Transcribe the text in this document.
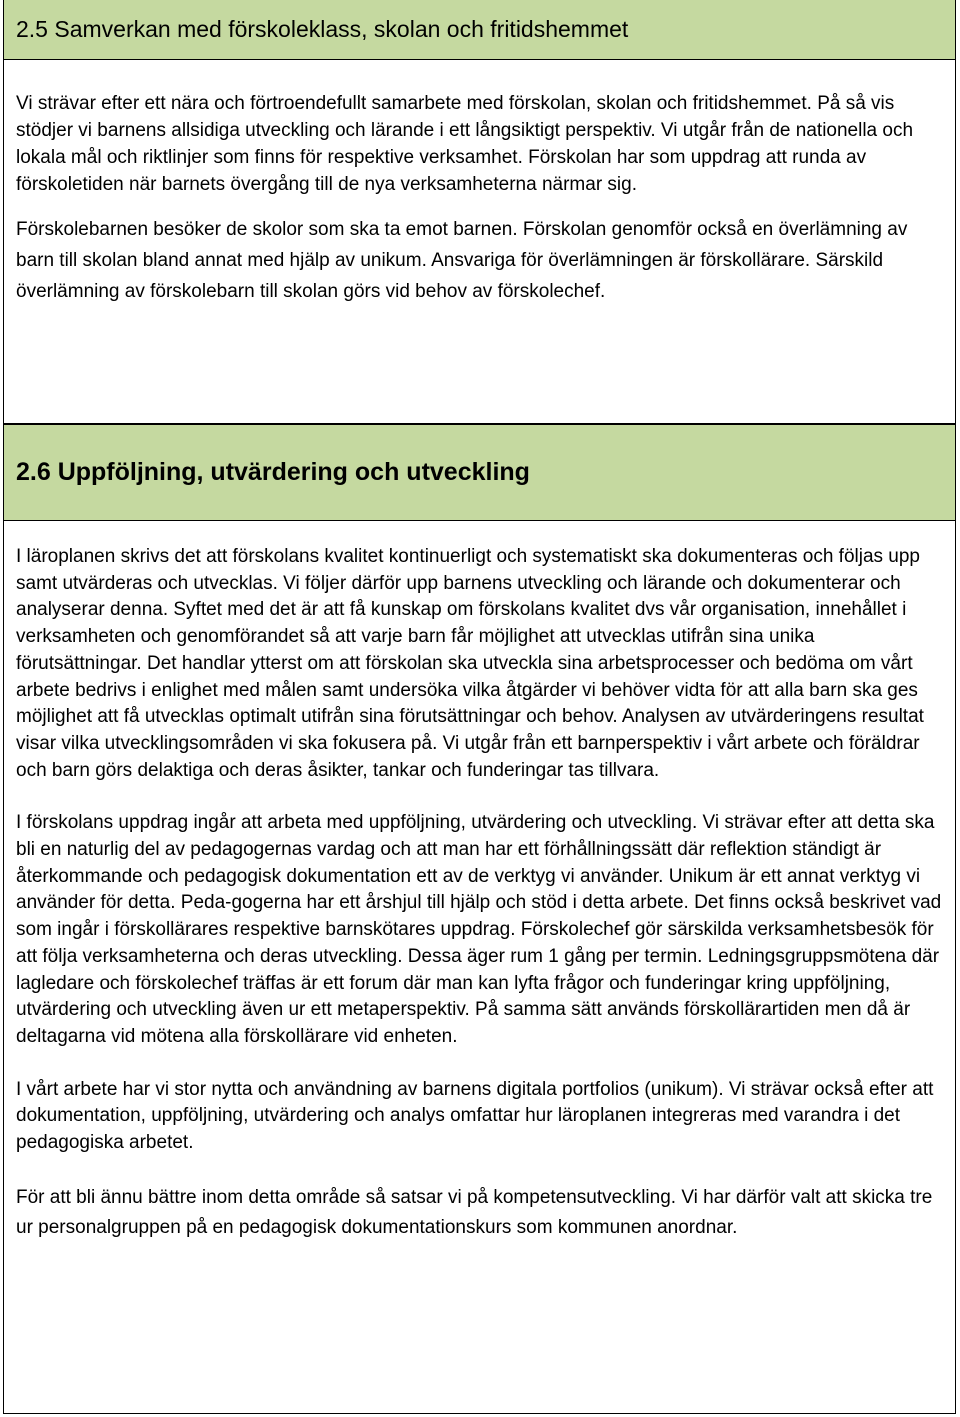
2.5 Samverkan med förskoleklass, skolan och fritidshemmet

Vi strävar efter ett nära och förtroendefullt samarbete med förskolan, skolan och fritidshemmet. På så vis stödjer vi barnens allsidiga utveckling och lärande i ett långsiktigt perspektiv. Vi utgår från de nationella och lokala mål och riktlinjer som finns för respektive verksamhet. Förskolan har som uppdrag att runda av förskoletiden när barnets övergång till de nya verksamheterna närmar sig.

Förskolebarnen besöker de skolor som ska ta emot barnen. Förskolan genomför också en överlämning av barn till skolan bland annat med hjälp av unikum. Ansvariga för överlämningen är förskollärare. Särskild överlämning av förskolebarn till skolan görs vid behov av förskolechef.

2.6 Uppföljning, utvärdering och utveckling

I läroplanen skrivs det att förskolans kvalitet kontinuerligt och systematiskt ska dokumenteras och följas upp samt utvärderas och utvecklas. Vi följer därför upp barnens utveckling och lärande och dokumenterar och analyserar denna. Syftet med det är att få kunskap om förskolans kvalitet dvs vår organisation, innehållet i verksamheten och genomförandet så att varje barn får möjlighet att utvecklas utifrån sina unika förutsättningar. Det handlar ytterst om att förskolan ska utveckla sina arbetsprocesser och bedöma om vårt arbete bedrivs i enlighet med målen samt undersöka vilka åtgärder vi behöver vidta för att alla barn ska ges möjlighet att få utvecklas optimalt utifrån sina förutsättningar och behov. Analysen av utvärderingens resultat visar vilka utvecklingsområden vi ska fokusera på. Vi utgår från ett barnperspektiv i vårt arbete och föräldrar och barn görs delaktiga och deras åsikter, tankar och funderingar tas tillvara.

I förskolans uppdrag ingår att arbeta med uppföljning, utvärdering och utveckling. Vi strävar efter att detta ska bli en naturlig del av pedagogernas vardag och att man har ett förhållningssätt där reflektion ständigt är återkommande och pedagogisk dokumentation ett av de verktyg vi använder. Unikum är ett annat verktyg vi använder för detta. Peda-gogerna har ett årshjul till hjälp och stöd i detta arbete. Det finns också beskrivet vad som ingår i förskollärares respektive barnskötares uppdrag. Förskolechef gör särskilda verksamhetsbesök för att följa verksamheterna och deras utveckling. Dessa äger rum 1 gång per termin. Ledningsgruppsmötena där lagledare och förskolechef träffas är ett forum där man kan lyfta frågor och funderingar kring uppföljning, utvärdering och utveckling även ur ett metaperspektiv. På samma sätt används förskollärartiden men då är deltagarna vid mötena alla förskollärare vid enheten.

I vårt arbete har vi stor nytta och användning av barnens digitala portfolios (unikum). Vi strävar också efter att dokumentation, uppföljning, utvärdering och analys omfattar hur läroplanen integreras med varandra i det pedagogiska arbetet.

För att bli ännu bättre inom detta område så satsar vi på kompetensutveckling. Vi har därför valt att skicka tre ur personalgruppen på en pedagogisk dokumentationskurs som kommunen anordnar.
